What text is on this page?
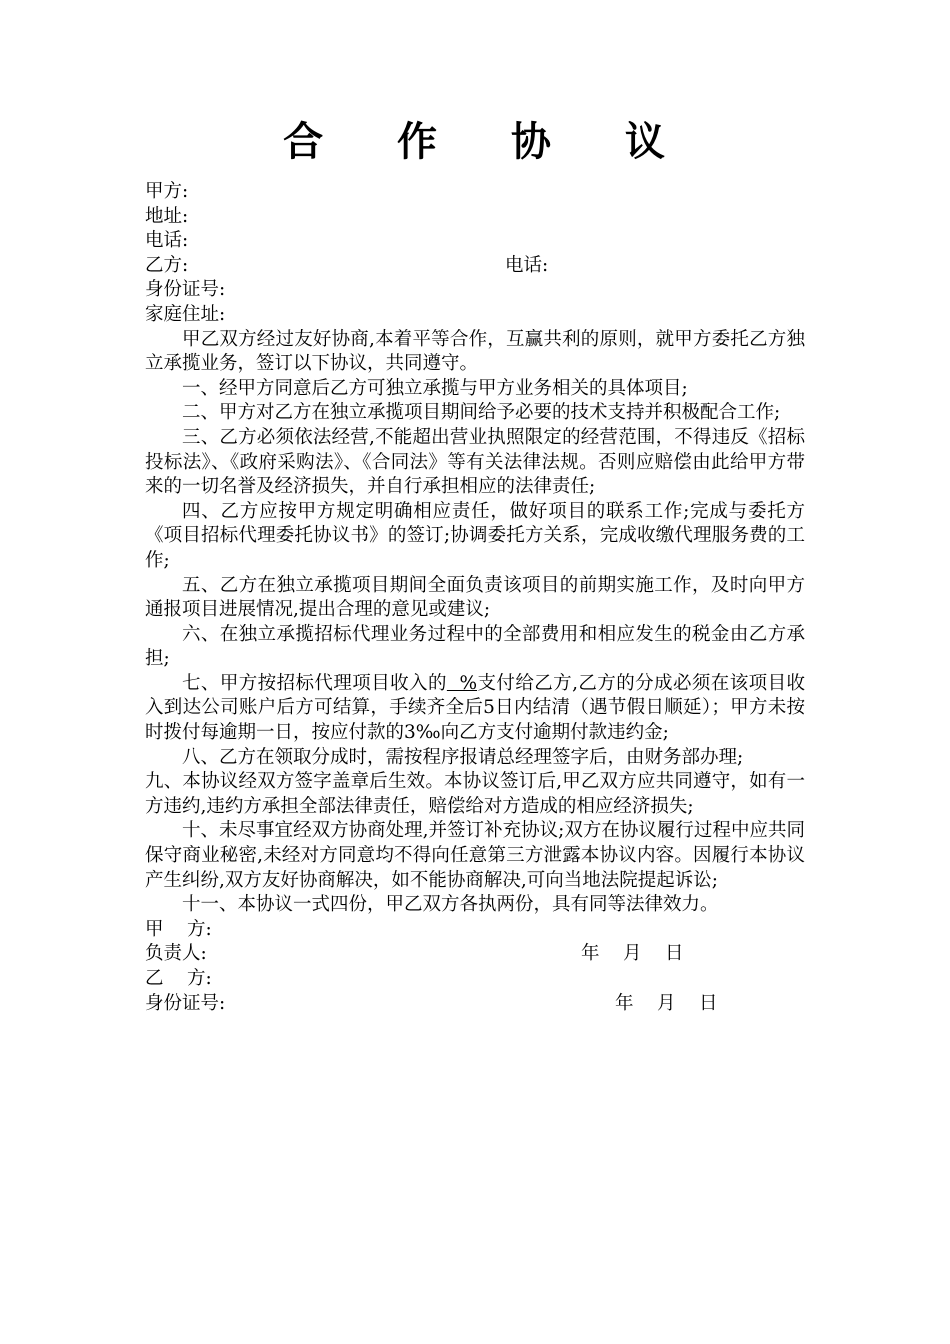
合 作 协 议
甲方:
地址:
电话:
乙方:	电话:
身份证号:
家庭住址:
甲乙双方经过友好协商,本着平等合作，互赢共利的原则，就甲方委托乙方独立承揽业务，签订以下协议，共同遵守。
一、经甲方同意后乙方可独立承揽与甲方业务相关的具体项目;
二、甲方对乙方在独立承揽项目期间给予必要的技术支持并积极配合工作;
三、乙方必须依法经营,不能超出营业执照限定的经营范围，不得违反《招标投标法》、《政府采购法》、《合同法》等有关法律法规。否则应赔偿由此给甲方带来的一切名誉及经济损失，并自行承担相应的法律责任;
四、乙方应按甲方规定明确相应责任，做好项目的联系工作;完成与委托方《项目招标代理委托协议书》的签订;协调委托方关系，完成收缴代理服务费的工作;
五、乙方在独立承揽项目期间全面负责该项目的前期实施工作，及时向甲方通报项目进展情况,提出合理的意见或建议;
六、在独立承揽招标代理业务过程中的全部费用和相应发生的税金由乙方承担;
七、甲方按招标代理项目收入的  %支付给乙方,乙方的分成必须在该项目收入到达公司账户后方可结算，手续齐全后5日内结清（遇节假日顺延）；甲方未按时拨付每逾期一日，按应付款的3‰向乙方支付逾期付款违约金;
八、乙方在领取分成时，需按程序报请总经理签字后，由财务部办理;
九、本协议经双方签字盖章后生效。本协议签订后,甲乙双方应共同遵守，如有一方违约,违约方承担全部法律责任，赔偿给对方造成的相应经济损失;
十、未尽事宜经双方协商处理,并签订补充协议;双方在协议履行过程中应共同保守商业秘密,未经对方同意均不得向任意第三方泄露本协议内容。因履行本协议产生纠纷,双方友好协商解决，如不能协商解决,可向当地法院提起诉讼;
十一、本协议一式四份，甲乙双方各执两份，具有同等法律效力。
甲    方:
负责人:	年    月    日
乙    方:
身份证号:	年    月    日
